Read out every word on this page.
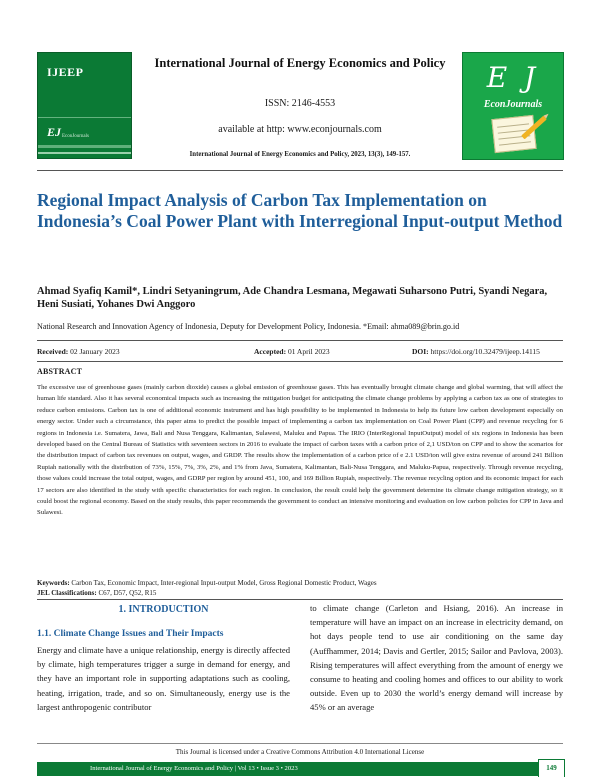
IJEEP
EJ EconJournals
International Journal of Energy Economics and Policy
ISSN: 2146-4553
available at http: www.econjournals.com
International Journal of Energy Economics and Policy, 2023, 13(3), 149-157.
E J
EconJournals
Regional Impact Analysis of Carbon Tax Implementation on Indonesia’s Coal Power Plant with Interregional Input-output Method
Ahmad Syafiq Kamil*, Lindri Setyaningrum, Ade Chandra Lesmana, Megawati Suharsono Putri, Syandi Negara, Heni Susiati, Yohanes Dwi Anggoro
National Research and Innovation Agency of Indonesia, Deputy for Development Policy, Indonesia. *Email: ahma089@brin.go.id
Received: 02 January 2023	Accepted: 01 April 2023	DOI: https://doi.org/10.32479/ijeep.14115
ABSTRACT
The excessive use of greenhouse gases (mainly carbon dioxide) causes a global emission of greenhouse gases. This has eventually brought climate change and global warming, that will affect the human life standard. Also it has several economical impacts such as increasing the mitigation budget for anticipating the climate change problems by applying a carbon tax as one of strategies to reduce carbon emissions. Carbon tax is one of additional economic instrument and has high possibility to be implemented in Indonesia to help its future low carbon development especially on energy sector. Under such a circumstance, this paper aims to predict the possible impact of implementing a carbon tax implementation on Coal Power Plant (CPP) and revenue recycling for 6 regions in Indonesia i.e. Sumatera, Jawa, Bali and Nusa Tenggara, Kalimantan, Sulawesi, Maluku and Papua. The IRIO (InterRegional InputOutput) model of six regions in Indonesia has been developed based on the Central Bureau of Statistics with seventeen sectors in 2016 to evaluate the impact of carbon taxes with a carbon price of 2,1 USD/ton on CPP and to show the scenarios for the distribution impact of carbon tax revenues on output, wages, and GRDP. The results show the implementation of a carbon price of e 2.1 USD/ton will give extra revenue of around 241 Billion Rupiah nationally with the distribution of 73%, 15%, 7%, 3%, 2%, and 1% from Java, Sumatera, Kalimantan, Bali-Nusa Tenggara, and Maluku-Papua, respectively. Through revenue recycling, those values could increase the total output, wages, and GDRP per region by around 451, 100, and 169 Billion Rupiah, respectively. The revenue recycling option and its economic impact for each 17 sectors are also identified in the study with specific characteristics for each region. In conclusion, the result could help the government determine its climate change mitigation strategy, so it could boost the regional economy. Based on the study results, this paper recommends the government to conduct an intensive monitoring and evaluation on low carbon policies for CPP in Java and Sulawesi.
Keywords: Carbon Tax, Economic Impact, Inter-regional Input-output Model, Gross Regional Domestic Product, Wages
JEL Classifications: C67, D57, Q52, R15
1. INTRODUCTION
1.1. Climate Change Issues and Their Impacts
Energy and climate have a unique relationship, energy is directly affected by climate, high temperatures trigger a surge in demand for energy, and they have an important role in supporting adaptations such as cooling, heating, irrigation, trade, and so on. Simultaneously, energy use is the largest anthropogenic contributor
to climate change (Carleton and Hsiang, 2016). An increase in temperature will have an impact on an increase in electricity demand, on hot days people tend to use air conditioning on the same day (Auffhammer, 2014; Davis and Gertler, 2015; Sailor and Pavlova, 2003). Rising temperatures will affect everything from the amount of energy we consume to heating and cooling homes and offices to our ability to work outside. Even up to 2030 the world’s energy demand will increase by 45% or an average
This Journal is licensed under a Creative Commons Attribution 4.0 International License
International Journal of Energy Economics and Policy | Vol 13 • Issue 3 • 2023	149
